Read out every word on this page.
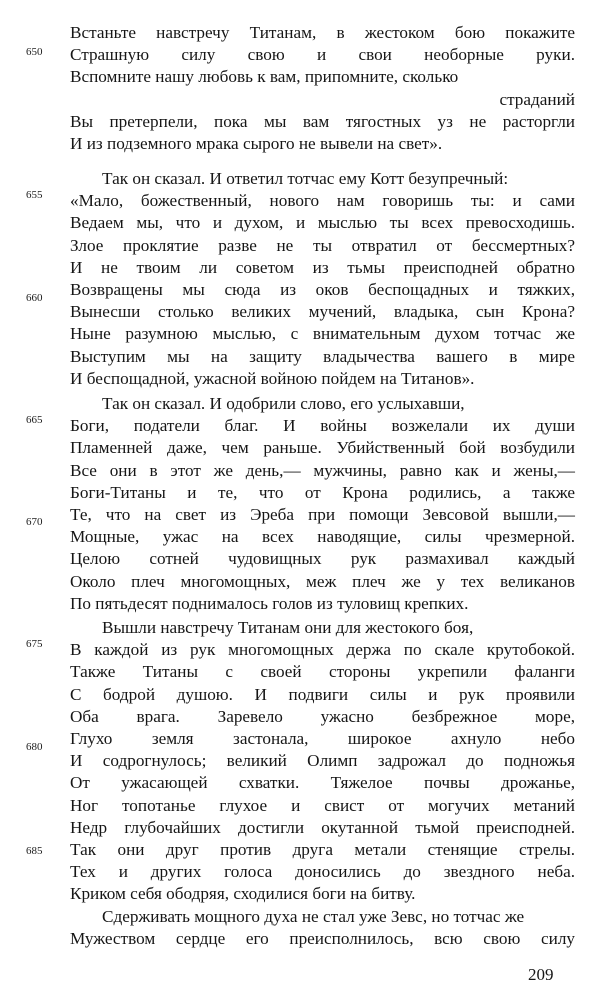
650
655
660
665
670
675
680
685
Встаньте навстречу Титанам, в жестоком бою покажите
Страшную силу свою и свои необорные руки.
Вспомните нашу любовь к вам, припомните, сколько
страданий
Вы претерпели, пока мы вам тягостных уз не расторгли
И из подземного мрака сырого не вывели на свет».
Так он сказал. И ответил тотчас ему Котт безупречный:
«Мало, божественный, нового нам говоришь ты: и сами
Ведаем мы, что и духом, и мыслью ты всех превосходишь.
Злое проклятие разве не ты отвратил от бессмертных?
И не твоим ли советом из тьмы преисподней обратно
Возвращены мы сюда из оков беспощадных и тяжких,
Вынесши столько великих мучений, владыка, сын Крона?
Ныне разумною мыслью, с внимательным духом тотчас же
Выступим мы на защиту владычества вашего в мире
И беспощадной, ужасной войною пойдем на Титанов».
Так он сказал. И одобрили слово, его услыхавши,
Боги, податели благ. И войны возжелали их души
Пламенней даже, чем раньше. Убийственный бой возбудили
Все они в этот же день,— мужчины, равно как и жены,—
Боги-Титаны и те, что от Крона родились, а также
Те, что на свет из Эреба при помощи Зевсовой вышли,—
Мощные, ужас на всех наводящие, силы чрезмерной.
Целою сотней чудовищных рук размахивал каждый
Около плеч многомощных, меж плеч же у тех великанов
По пятьдесят поднималось голов из туловищ крепких.
Вышли навстречу Титанам они для жестокого боя,
В каждой из рук многомощных держа по скале крутобокой.
Также Титаны с своей стороны укрепили фаланги
С бодрой душою. И подвиги силы и рук проявили
Оба врага. Заревело ужасно безбрежное море,
Глухо земля застонала, широкое ахнуло небо
И содрогнулось; великий Олимп задрожал до подножья
От ужасающей схватки. Тяжелое почвы дрожанье,
Ног топотанье глухое и свист от могучих метаний
Недр глубочайших достигли окутанной тьмой преисподней.
Так они друг против друга метали стенящие стрелы.
Тех и других голоса доносились до звездного неба.
Криком себя ободряя, сходилися боги на битву.
Сдерживать мощного духа не стал уже Зевс, но тотчас же
Мужеством сердце его преисполнилось, всю свою силу
209
